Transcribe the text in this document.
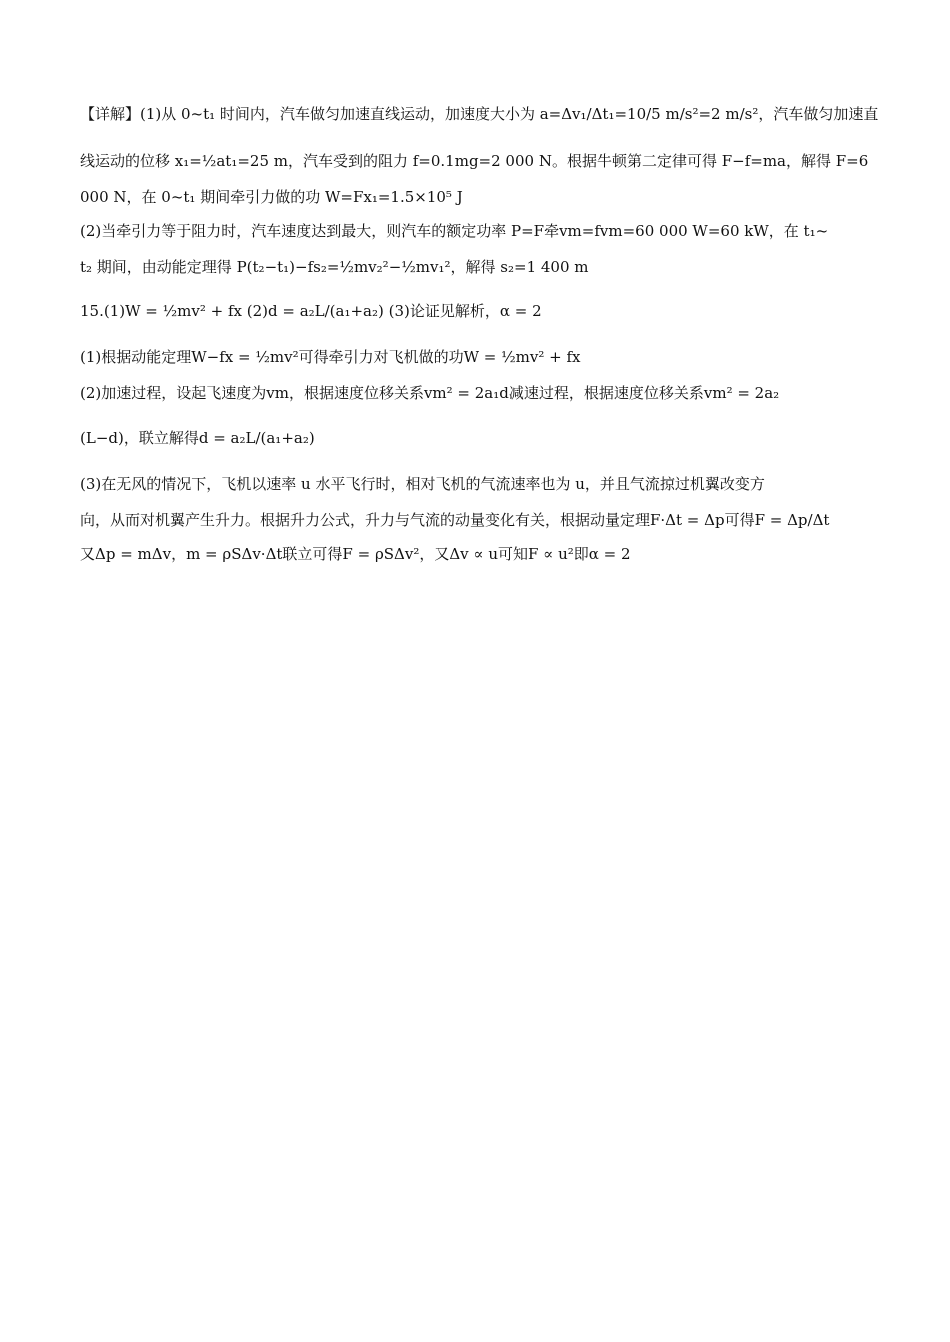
【详解】(1)从 0~t₁ 时间内，汽车做匀加速直线运动，加速度大小为 a=Δv₁/Δt₁=10/5 m/s²=2 m/s²，汽车做匀加速直
线运动的位移 x₁=½at₁=25 m，汽车受到的阻力 f=0.1mg=2 000 N。根据牛顿第二定律可得 F−f=ma，解得 F=6
000 N，在 0~t₁ 期间牵引力做的功 W=Fx₁=1.5×10⁵ J
(2)当牵引力等于阻力时，汽车速度达到最大，则汽车的额定功率 P=F牵vm=fvm=60 000 W=60 kW，在 t₁~
t₂ 期间，由动能定理得 P(t₂−t₁)−fs₂=½mv₂²−½mv₁²，解得 s₂=1 400 m
15.(1)W = ½mv² + fx (2)d = a₂L/(a₁+a₂) (3)论证见解析，α = 2
(1)根据动能定理W−fx = ½mv²可得牵引力对飞机做的功W = ½mv² + fx
(2)加速过程，设起飞速度为vm，根据速度位移关系vm² = 2a₁d减速过程，根据速度位移关系vm² = 2a₂
(L−d)，联立解得d = a₂L/(a₁+a₂)
(3)在无风的情况下，飞机以速率 u 水平飞行时，相对飞机的气流速率也为 u，并且气流掠过机翼改变方
向，从而对机翼产生升力。根据升力公式，升力与气流的动量变化有关，根据动量定理F·Δt = Δp可得F = Δp/Δt
又Δp = mΔv，m = ρSΔv·Δt联立可得F = ρSΔv²，又Δv ∝ u可知F ∝ u²即α = 2
